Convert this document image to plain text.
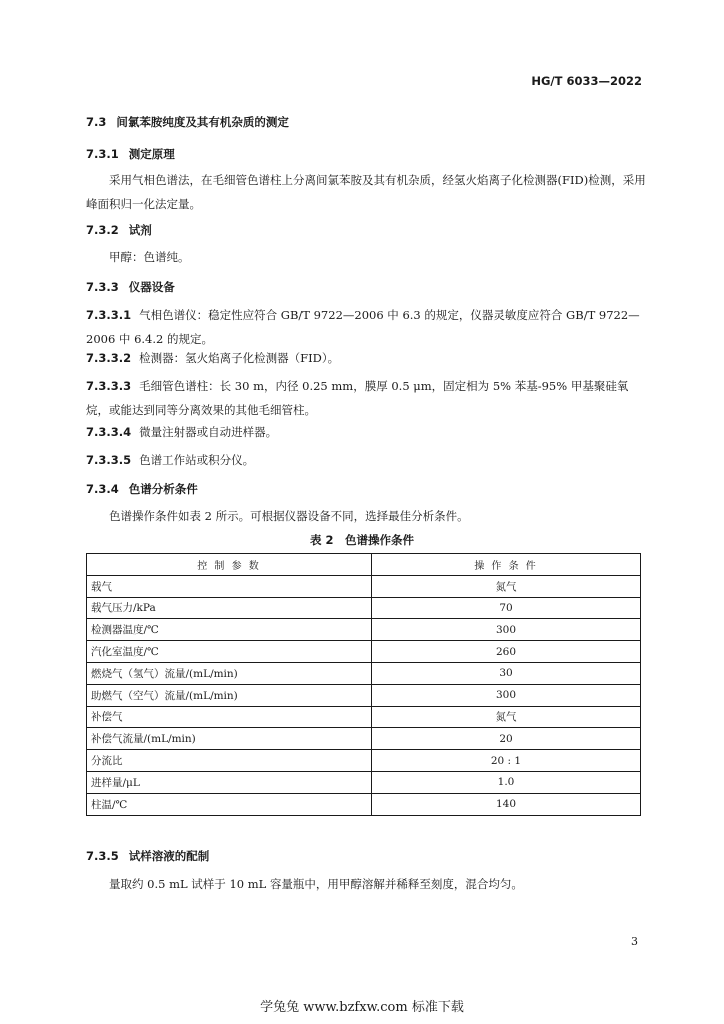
HG/T 6033—2022
7.3 间氯苯胺纯度及其有机杂质的测定
7.3.1 测定原理
采用气相色谱法，在毛细管色谱柱上分离间氯苯胺及其有机杂质，经氢火焰离子化检测器(FID)检测，采用峰面积归一化法定量。
7.3.2 试剂
甲醇：色谱纯。
7.3.3 仪器设备
7.3.3.1 气相色谱仪：稳定性应符合 GB/T 9722—2006 中 6.3 的规定，仪器灵敏度应符合 GB/T 9722—2006 中 6.4.2 的规定。
7.3.3.2 检测器：氢火焰离子化检测器（FID）。
7.3.3.3 毛细管色谱柱：长 30 m，内径 0.25 mm，膜厚 0.5 μm，固定相为 5% 苯基-95% 甲基聚硅氧烷，或能达到同等分离效果的其他毛细管柱。
7.3.3.4 微量注射器或自动进样器。
7.3.3.5 色谱工作站或积分仪。
7.3.4 色谱分析条件
色谱操作条件如表 2 所示。可根据仪器设备不同，选择最佳分析条件。
表 2　色谱操作条件
控 制 参 数	操 作 条 件
载气	氮气
载气压力/kPa	70
检测器温度/℃	300
汽化室温度/℃	260
燃烧气（氢气）流量/(mL/min)	30
助燃气（空气）流量/(mL/min)	300
补偿气	氮气
补偿气流量/(mL/min)	20
分流比	20 : 1
进样量/μL	1.0
柱温/℃	140
7.3.5 试样溶液的配制
量取约 0.5 mL 试样于 10 mL 容量瓶中，用甲醇溶解并稀释至刻度，混合均匀。
3
学兔兔 www.bzfxw.com 标准下载
